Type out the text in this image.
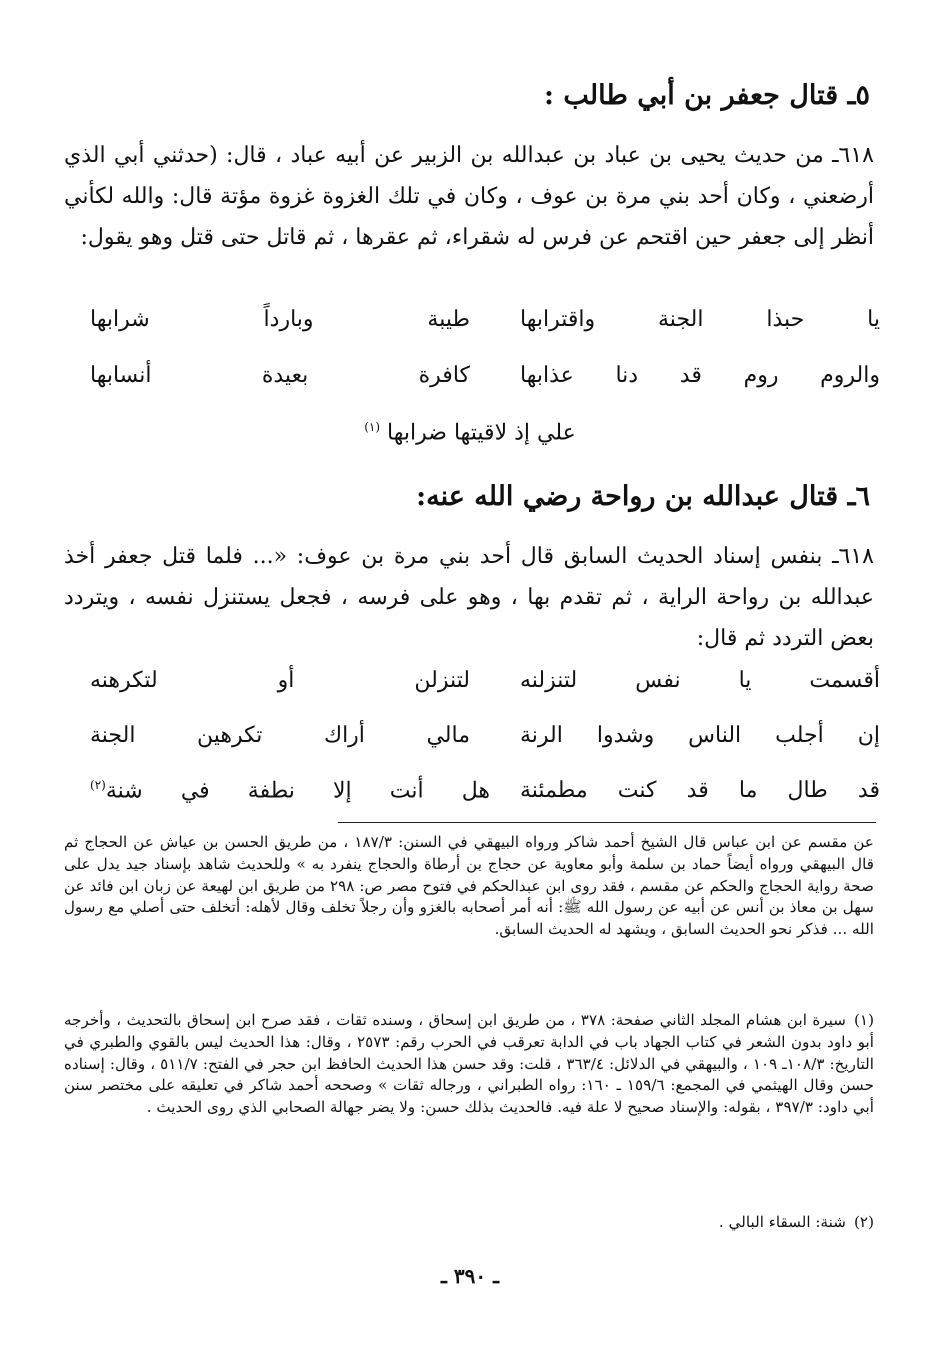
٥ـ قتال جعفر بن أبي طالب :
٦١٨ـ من حديث يحيى بن عباد بن عبدالله بن الزبير عن أبيه عباد ، قال: (حدثني أبي الذي أرضعني ، وكان أحد بني مرة بن عوف ، وكان في تلك الغزوة غزوة مؤتة قال: والله لكأني أنظر إلى جعفر حين اقتحم عن فرس له شقراء، ثم عقرها ، ثم قاتل حتى قتل وهو يقول:
يا حبذا الجنة واقترابها
طيبة وبارداً شرابها
والروم روم قد دنا عذابها
كافرة بعيدة أنسابها
علي إذ لاقيتها ضرابها $^{(١)}$
٦ـ قتال عبدالله بن رواحة رضي الله عنه:
٦١٨ـ بنفس إسناد الحديث السابق قال أحد بني مرة بن عوف: «... فلما قتل جعفر أخذ عبدالله بن رواحة الراية ، ثم تقدم بها ، وهو على فرسه ، فجعل يستنزل نفسه ، ويتردد بعض التردد ثم قال:
أقسمت يا نفس لتنزلنه
لتنزلن أو لتكرهنه
إن أجلب الناس وشدوا الرنة
مالي أراك تكرهين الجنة
قد طال ما قد كنت مطمئنة
هل أنت إلا نطفة في شنة$^{(٢)}$
عن مقسم عن ابن عباس قال الشيخ أحمد شاكر ورواه البيهقي في السنن: ١٨٧/٣ ، من طريق الحسن بن عياش عن الحجاج ثم قال البيهقي ورواه أيضاً حماد بن سلمة وأبو معاوية عن حجاج بن أرطاة والحجاج ينفرد به » وللحديث شاهد بإسناد جيد يدل على صحة رواية الحجاج والحكم عن مقسم ، فقد روى ابن عبدالحكم في فتوح مصر ص: ٢٩٨ من طريق ابن لهيعة عن زبان ابن فائد عن سهل بن معاذ بن أنس عن أبيه عن رسول الله ﷺ: أنه أمر أصحابه بالغزو وأن رجلاً تخلف وقال لأهله: أتخلف حتى أصلي مع رسول الله ... فذكر نحو الحديث السابق ، ويشهد له الحديث السابق.
(١)سيرة ابن هشام المجلد الثاني صفحة: ٣٧٨ ، من طريق ابن إسحاق ، وسنده ثقات ، فقد صرح ابن إسحاق بالتحديث ، وأخرجه أبو داود بدون الشعر في كتاب الجهاد باب في الدابة تعرقب في الحرب رقم: ٢٥٧٣ ، وقال: هذا الحديث ليس بالقوي والطبري في التاريخ: ١٠٨/٣ـ ١٠٩ ، والبيهقي في الدلائل: ٣٦٣/٤ ، قلت: وقد حسن هذا الحديث الحافظ ابن حجر في الفتح: ٥١١/٧ ، وقال: إسناده حسن وقال الهيثمي في المجمع: ١٥٩/٦ ـ ١٦٠: رواه الطبراني ، ورجاله ثقات » وصححه أحمد شاكر في تعليقه على مختصر سنن أبي داود: ٣٩٧/٣ ، بقوله: والإسناد صحيح لا علة فيه. فالحديث بذلك حسن: ولا يضر جهالة الصحابي الذي روى الحديث .
(٢)شنة: السقاء البالي .
ـ ٣٩٠ ـ
